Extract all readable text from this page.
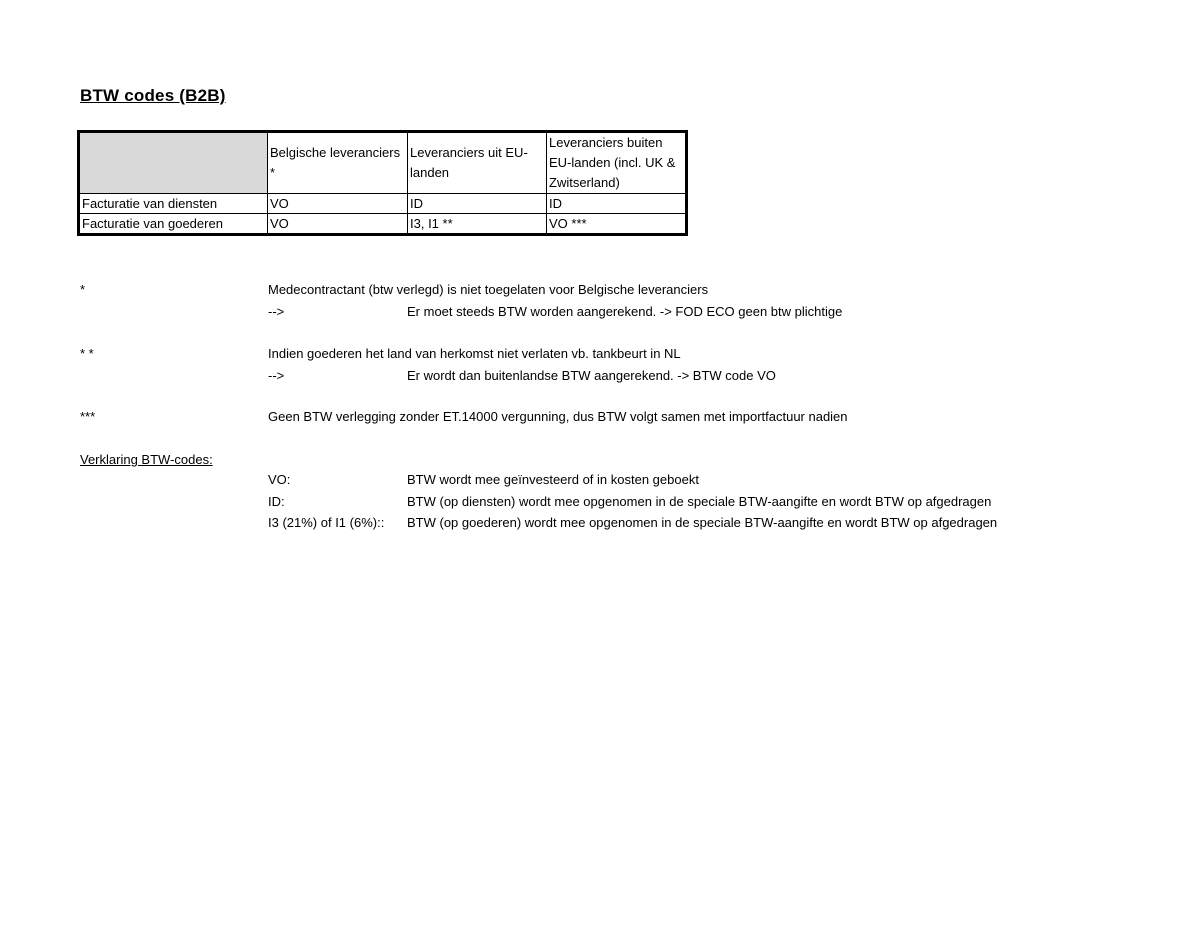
BTW codes (B2B)
	Belgische leveranciers *	Leveranciers uit EU-landen	Leveranciers buiten EU-landen (incl. UK & Zwitserland)
Facturatie van diensten	VO	ID	ID
Facturatie van goederen	VO	I3, I1 **	VO ***
*	Medecontractant (btw verlegd) is niet toegelaten voor Belgische leveranciers
-->	Er moet steeds BTW worden aangerekend. -> FOD ECO geen btw plichtige
* *	Indien goederen het land van herkomst niet verlaten vb. tankbeurt in NL
-->	Er wordt dan buitenlandse BTW aangerekend. -> BTW code VO
***	Geen BTW verlegging zonder ET.14000 vergunning, dus BTW volgt samen met importfactuur nadien
Verklaring BTW-codes:
VO:	BTW wordt mee geïnvesteerd of in kosten geboekt
ID:	BTW (op diensten) wordt mee opgenomen in de speciale BTW-aangifte en wordt BTW op afgedragen
I3 (21%) of I1 (6%):: BTW (op goederen) wordt mee opgenomen in de speciale BTW-aangifte en wordt BTW op afgedragen
